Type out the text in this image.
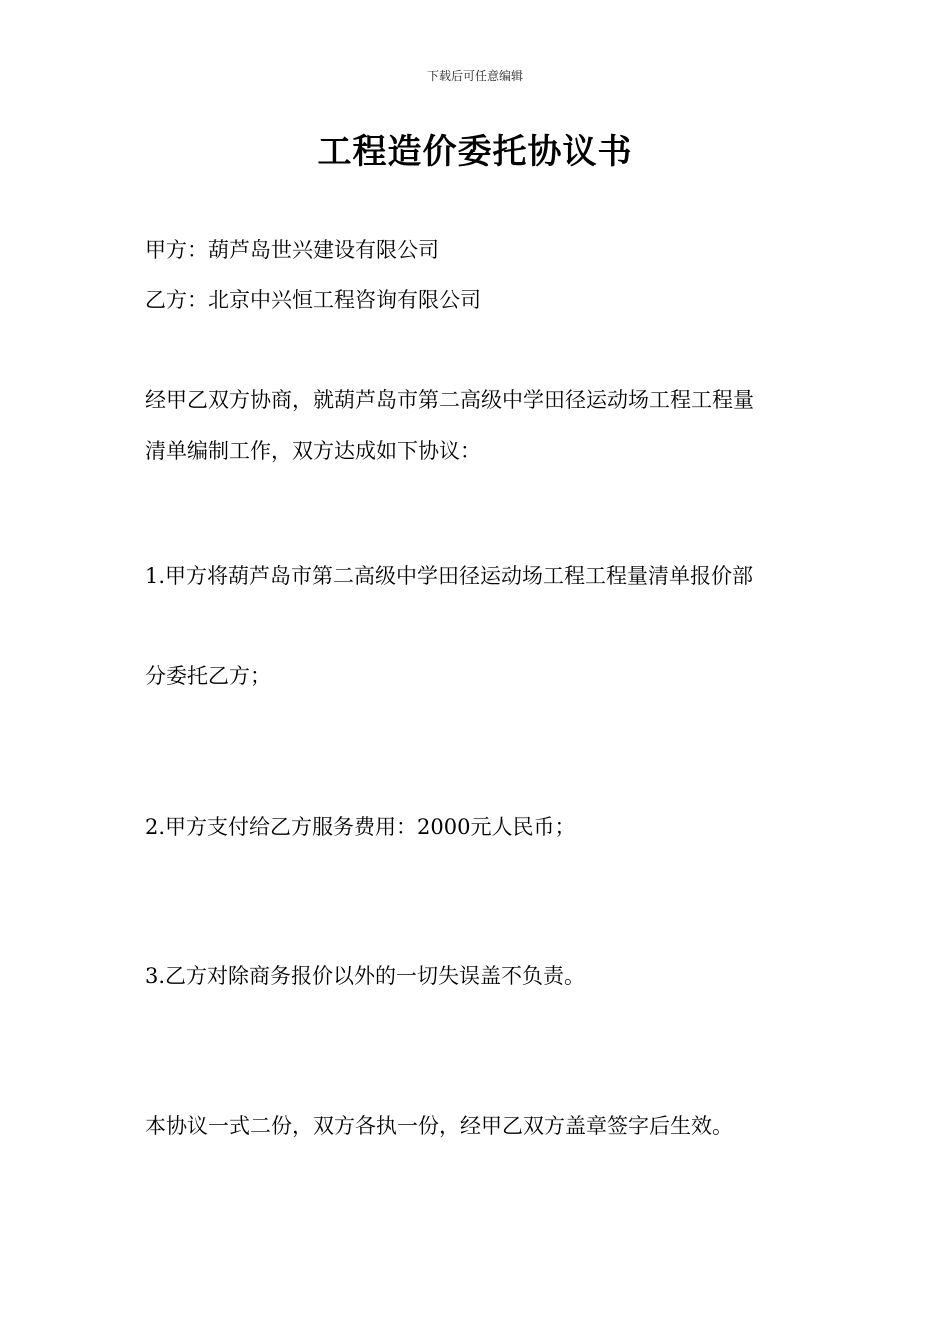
下载后可任意编辑
工程造价委托协议书
甲方：葫芦岛世兴建设有限公司
乙方：北京中兴恒工程咨询有限公司
经甲乙双方协商，就葫芦岛市第二高级中学田径运动场工程工程量
清单编制工作，双方达成如下协议：
1.甲方将葫芦岛市第二高级中学田径运动场工程工程量清单报价部
分委托乙方；
2.甲方支付给乙方服务费用：2000元人民币；
3.乙方对除商务报价以外的一切失误盖不负责。
本协议一式二份，双方各执一份，经甲乙双方盖章签字后生效。
